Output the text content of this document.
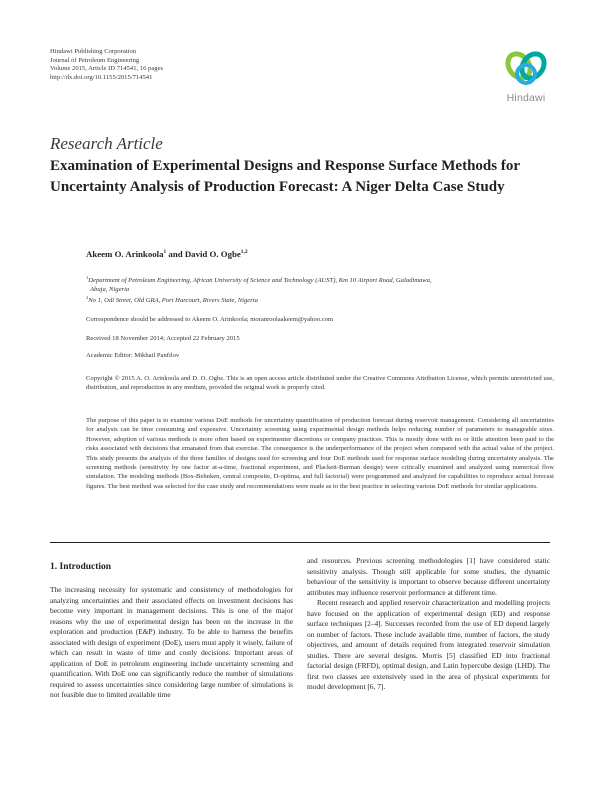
Hindawi Publishing Corporation
Journal of Petroleum Engineering
Volume 2015, Article ID 714541, 16 pages
http://dx.doi.org/10.1155/2015/714541
Hindawi
Research Article
Examination of Experimental Designs and Response Surface Methods for Uncertainty Analysis of Production Forecast: A Niger Delta Case Study
Akeem O. Arinkoola$^1$ and David O. Ogbe$^{1,2}$
$^1$Department of Petroleum Engineering, African University of Science and Technology (AUST), Km 10 Airport Road, Galadimawa,
Abuja, Nigeria
$^2$No 1, Odi Street, Old GRA, Port Harcourt, Rivers State, Nigeria
Correspondence should be addressed to Akeem O. Arinkoola; moranroolaakeem@yahoo.com
Received 18 November 2014; Accepted 22 February 2015
Academic Editor: Mikhail Panfilov
Copyright © 2015 A. O. Arinkoola and D. O. Ogbe. This is an open access article distributed under the Creative Commons Attribution License, which permits unrestricted use, distribution, and reproduction in any medium, provided the original work is properly cited.
The purpose of this paper is to examine various DoE methods for uncertainty quantification of production forecast during reservoir management. Considering all uncertainties for analysis can be time consuming and expensive. Uncertainty screening using experimental design methods helps reducing number of parameters to manageable sizes. However, adoption of various methods is more often based on experimenter discretions or company practices. This is mostly done with no or little attention been paid to the risks associated with decisions that emanated from that exercise. The consequence is the underperformance of the project when compared with the actual value of the project. This study presents the analysis of the three families of designs used for screening and four DoE methods used for response surface modeling during uncertainty analysis. The screening methods (sensitivity by one factor at-a-time, fractional experiment, and Plackett-Burman design) were critically examined and analyzed using numerical flow simulation. The modeling methods (Box-Behnken, central composite, D-optima, and full factorial) were programmed and analyzed for capabilities to reproduce actual forecast figures. The best method was selected for the case study and recommendations were made as to the best practice in selecting various DoE methods for similar applications.
1. Introduction

The increasing necessity for systematic and consistency of methodologies for analyzing uncertainties and their associated effects on investment decisions has become very important in management decisions. This is one of the major reasons why the use of experimental design has been on the increase in the exploration and production (E&P) industry. To be able to harness the benefits associated with design of experiment (DoE), users must apply it wisely, failure of which can result in waste of time and costly decisions. Important areas of application of DoE in petroleum engineering include uncertainty screening and quantification. With DoE one can significantly reduce the number of simulations required to assess uncertainties since considering large number of simulations is not feasible due to limited available time

and resources. Previous screening methodologies [1] have considered static sensitivity analysis. Though still applicable for some studies, the dynamic behaviour of the sensitivity is important to observe because different uncertainty attributes may influence reservoir performance at different time.

Recent research and applied reservoir characterization and modelling projects have focused on the application of experimental design (ED) and response surface techniques [2–4]. Successes recorded from the use of ED depend largely on number of factors. These include available time, number of factors, the study objectives, and amount of details required from integrated reservoir simulation studies. There are several designs. Morris [5] classified ED into fractional factorial design (FRFD), optimal design, and Latin hypercube design (LHD). The first two classes are extensively used in the area of physical experiments for model development [6, 7].
